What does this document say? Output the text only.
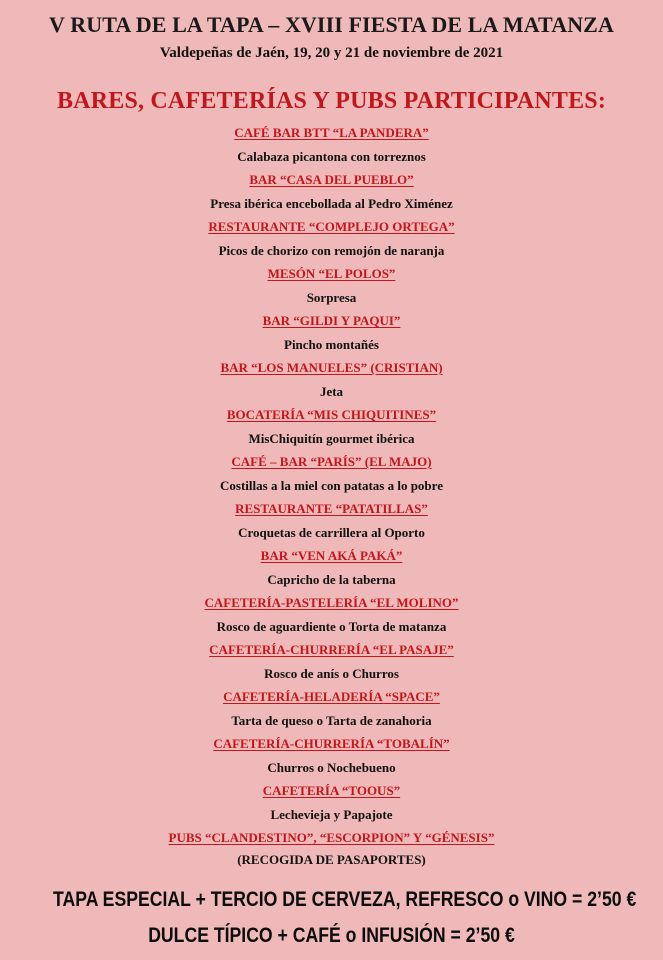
V RUTA DE LA TAPA – XVIII FIESTA DE LA MATANZA
Valdepeñas de Jaén, 19, 20 y 21 de noviembre de 2021
BARES, CAFETERÍAS Y PUBS PARTICIPANTES:
CAFÉ BAR BTT “LA PANDERA”
Calabaza picantona con torreznos
BAR “CASA DEL PUEBLO”
Presa ibérica encebollada al Pedro Ximénez
RESTAURANTE “COMPLEJO ORTEGA”
Picos de chorizo con remojón de naranja
MESÓN “EL POLOS”
Sorpresa
BAR “GILDI Y PAQUI”
Pincho montañés
BAR “LOS MANUELES” (CRISTIAN)
Jeta
BOCATERÍA “MIS CHIQUITINES”
MisChiquitín gourmet ibérica
CAFÉ – BAR “PARÍS” (EL MAJO)
Costillas a la miel con patatas a lo pobre
RESTAURANTE “PATATILLAS”
Croquetas de carrillera al Oporto
BAR “VEN AKÁ PAKÁ”
Capricho de la taberna
CAFETERÍA-PASTELERÍA “EL MOLINO”
Rosco de aguardiente o Torta de matanza
CAFETERÍA-CHURRERÍA “EL PASAJE”
Rosco de anís o Churros
CAFETERÍA-HELADERÍA “SPACE”
Tarta de queso o Tarta de zanahoria
CAFETERÍA-CHURRERÍA “TOBALÍN”
Churros o Nochebueno
CAFETERÍA “TOOUS”
Lechevieja y Papajote
PUBS “CLANDESTINO”, “ESCORPION” Y “GÉNESIS”
(RECOGIDA DE PASAPORTES)
TAPA ESPECIAL + TERCIO DE CERVEZA, REFRESCO o VINO = 2’50 €
DULCE TÍPICO + CAFÉ o INFUSIÓN = 2’50 €
